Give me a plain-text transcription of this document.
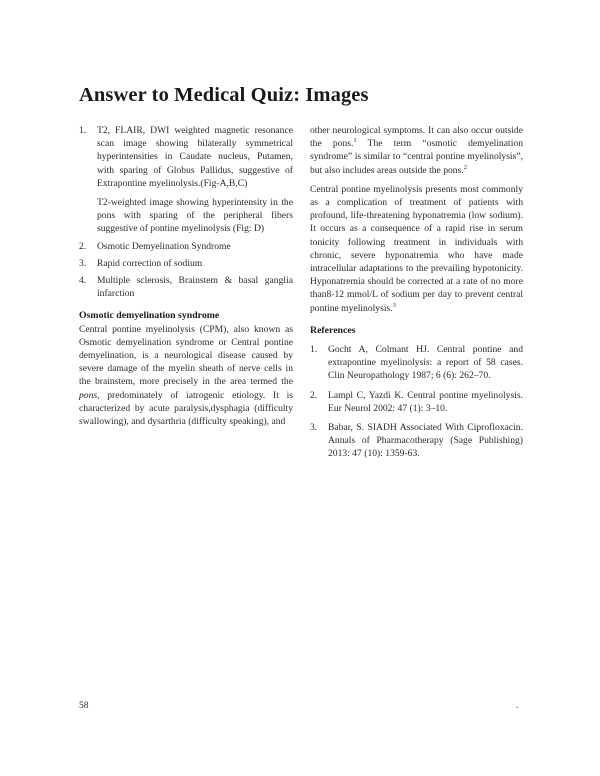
Answer to Medical Quiz: Images
1.	T2, FLAIR, DWI weighted magnetic resonance scan image showing bilaterally symmetrical hyperintensities in Caudate nucleus, Putamen, with sparing of Globus Pallidus, suggestive of Extrapontine myelinolysis.(Fig-A,B,C)
T2-weighted image showing hyperintensity in the pons with sparing of the peripheral fibers suggestive of pontine myelinolysis (Fig: D)
2.	Osmotic Demyelination Syndrome
3.	Rapid correction of sodium
4.	Multiple sclerosis, Brainstem & basal ganglia infarction
Osmotic demyelination syndrome
Central pontine myelinolysis (CPM), also known as Osmotic demyelination syndrome or Central pontine demyelination, is a neurological disease caused by severe damage of the myelin sheath of nerve cells in the brainstem, more precisely in the area termed the pons, predominately of iatrogenic etiology. It is characterized by acute paralysis,dysphagia (difficulty swallowing), and dysarthria (difficulty speaking), and
other neurological symptoms. It can also occur outside the pons.$^1$ The term “osmotic demyelination syndrome” is similar to “central pontine myelinolysis”, but also includes areas outside the pons.$^2$
Central pontine myelinolysis presents most commonly as a complication of treatment of patients with profound, life-threatening hyponatremia (low sodium). It occurs as a consequence of a rapid rise in serum tonicity following treatment in individuals with chronic, severe hyponatremia who have made intracellular adaptations to the prevailing hypotonicity. Hyponatremia should be corrected at a rate of no more than8-12 mmol/L of sodium per day to prevent central pontine myelinolysis.$^3$
References
1.	Gocht A, Colmant HJ. Central pontine and extrapontine myelinolysis: a report of 58 cases. Clin Neuropathology 1987; 6 (6): 262–70.
2.	Lampl C, Yazdi K. Central pontine myelinolysis. Eur Neurol 2002: 47 (1): 3–10.
3.	Babar, S. SIADH Associated With Ciprofloxacin. Annals of Pharmacotherapy (Sage Publishing) 2013: 47 (10): 1359-63.
58	.
